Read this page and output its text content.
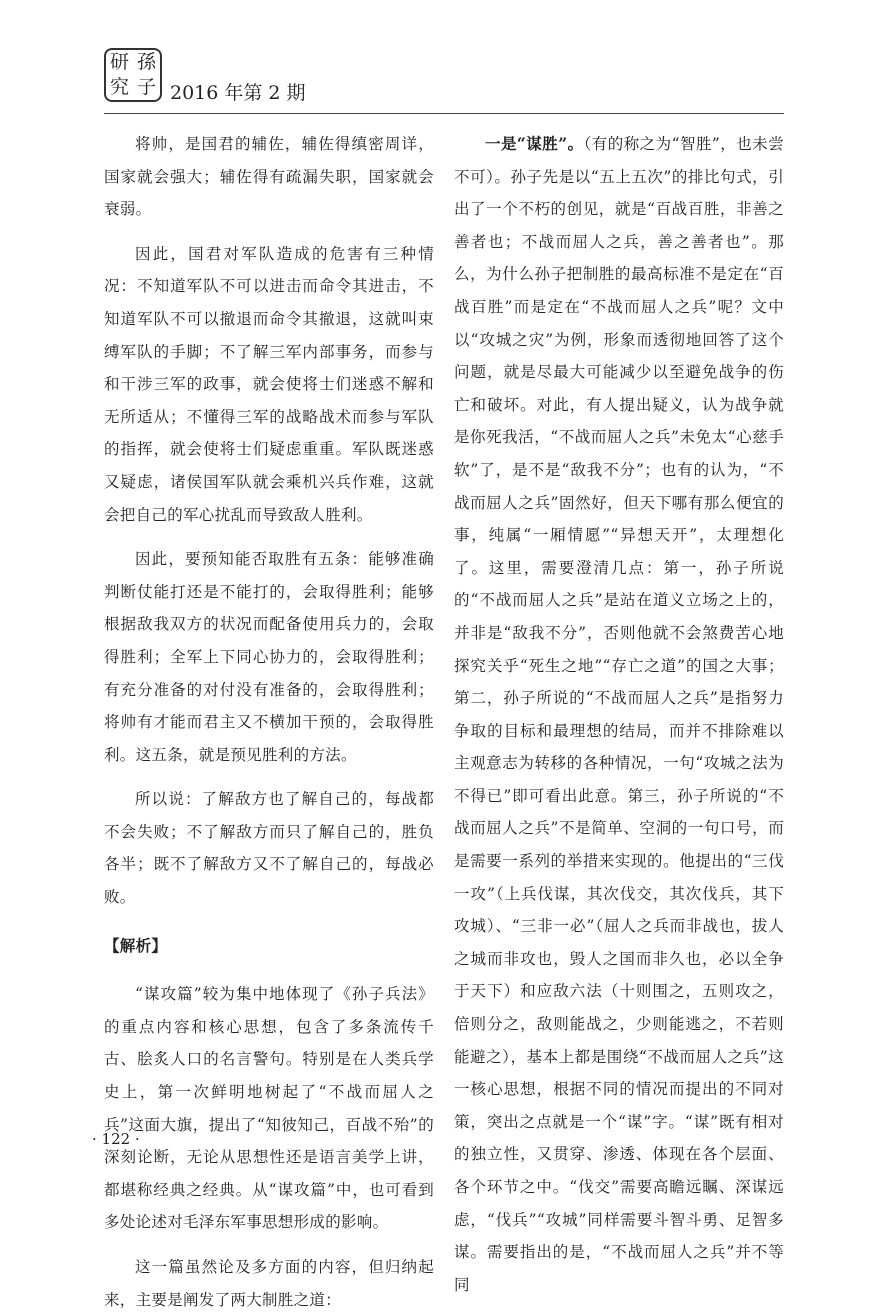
研 孫
究 子 2016 年第 2 期

将帅，是国君的辅佐，辅佐得缜密周详，国家就会强大；辅佐得有疏漏失职，国家就会衰弱。

因此，国君对军队造成的危害有三种情况：不知道军队不可以进击而命令其进击，不知道军队不可以撤退而命令其撤退，这就叫束缚军队的手脚；不了解三军内部事务，而参与和干涉三军的政事，就会使将士们迷惑不解和无所适从；不懂得三军的战略战术而参与军队的指挥，就会使将士们疑虑重重。军队既迷惑又疑虑，诸侯国军队就会乘机兴兵作难，这就会把自己的军心扰乱而导致敌人胜利。

因此，要预知能否取胜有五条：能够准确判断仗能打还是不能打的，会取得胜利；能够根据敌我双方的状况而配备使用兵力的，会取得胜利；全军上下同心协力的，会取得胜利；有充分准备的对付没有准备的，会取得胜利；将帅有才能而君主又不横加干预的，会取得胜利。这五条，就是预见胜利的方法。

所以说：了解敌方也了解自己的，每战都不会失败；不了解敌方而只了解自己的，胜负各半；既不了解敌方又不了解自己的，每战必败。

【解析】

“谋攻篇”较为集中地体现了《孙子兵法》的重点内容和核心思想，包含了多条流传千古、脍炙人口的名言警句。特别是在人类兵学史上，第一次鲜明地树起了“不战而屈人之兵”这面大旗，提出了“知彼知己，百战不殆”的深刻论断，无论从思想性还是语言美学上讲，都堪称经典之经典。从“谋攻篇”中，也可看到多处论述对毛泽东军事思想形成的影响。

这一篇虽然论及多方面的内容，但归纳起来，主要是阐发了两大制胜之道：

一是“谋胜”。（有的称之为“智胜”，也未尝不可）。孙子先是以“五上五次”的排比句式，引出了一个不朽的创见，就是“百战百胜，非善之善者也；不战而屈人之兵，善之善者也”。那么，为什么孙子把制胜的最高标准不是定在“百战百胜”而是定在“不战而屈人之兵”呢？文中以“攻城之灾”为例，形象而透彻地回答了这个问题，就是尽最大可能减少以至避免战争的伤亡和破坏。对此，有人提出疑义，认为战争就是你死我活，“不战而屈人之兵”未免太“心慈手软”了，是不是“敌我不分”；也有的认为，“不战而屈人之兵”固然好，但天下哪有那么便宜的事，纯属“一厢情愿”“异想天开”，太理想化了。这里，需要澄清几点：第一，孙子所说的“不战而屈人之兵”是站在道义立场之上的，并非是“敌我不分”，否则他就不会煞费苦心地探究关乎“死生之地”“存亡之道”的国之大事；第二，孙子所说的“不战而屈人之兵”是指努力争取的目标和最理想的结局，而并不排除难以主观意志为转移的各种情况，一句“攻城之法为不得已”即可看出此意。第三，孙子所说的“不战而屈人之兵”不是简单、空洞的一句口号，而是需要一系列的举措来实现的。他提出的“三伐一攻”（上兵伐谋，其次伐交，其次伐兵，其下攻城）、“三非一必”（屈人之兵而非战也，拔人之城而非攻也，毁人之国而非久也，必以全争于天下）和应敌六法（十则围之，五则攻之，倍则分之，敌则能战之，少则能逃之，不若则能避之），基本上都是围绕“不战而屈人之兵”这一核心思想，根据不同的情况而提出的不同对策，突出之点就是一个“谋”字。“谋”既有相对的独立性，又贯穿、渗透、体现在各个层面、各个环节之中。“伐交”需要高瞻远瞩、深谋远虑，“伐兵”“攻城”同样需要斗智斗勇、足智多谋。需要指出的是，“不战而屈人之兵”并不等同

· 122 ·
